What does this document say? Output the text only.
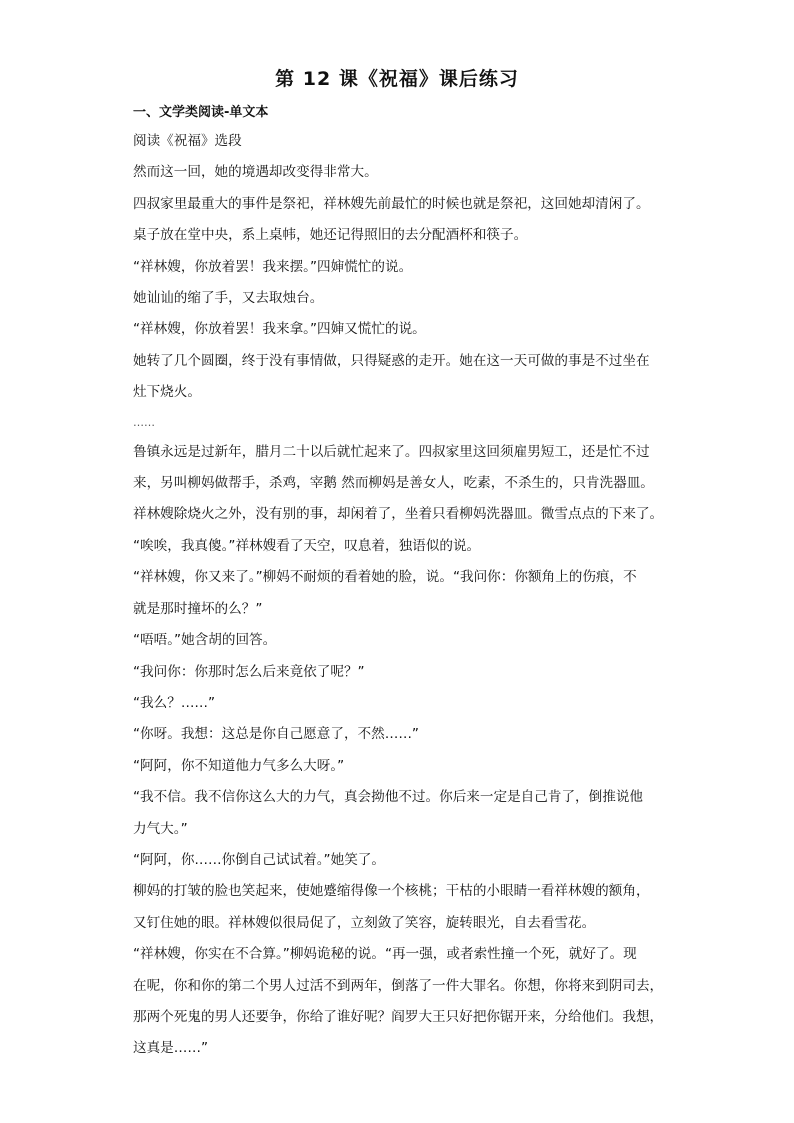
第 12 课《祝福》课后练习
一、文学类阅读-单文本

阅读《祝福》选段

然而这一回，她的境遇却改变得非常大。

四叔家里最重大的事件是祭祀，祥林嫂先前最忙的时候也就是祭祀，这回她却清闲了。

桌子放在堂中央，系上桌帏，她还记得照旧的去分配酒杯和筷子。

“祥林嫂，你放着罢！我来摆。”四婶慌忙的说。

她讪讪的缩了手，又去取烛台。

“祥林嫂，你放着罢！我来拿。”四婶又慌忙的说。

她转了几个圆圈，终于没有事情做，只得疑惑的走开。她在这一天可做的事是不过坐在

灶下烧火。

……

鲁镇永远是过新年，腊月二十以后就忙起来了。四叔家里这回须雇男短工，还是忙不过

来，另叫柳妈做帮手，杀鸡，宰鹅 然而柳妈是善女人，吃素，不杀生的，只肯洗器皿。

祥林嫂除烧火之外，没有别的事，却闲着了，坐着只看柳妈洗器皿。微雪点点的下来了。

“唉唉，我真傻。”祥林嫂看了天空，叹息着，独语似的说。

“祥林嫂，你又来了。”柳妈不耐烦的看着她的脸，说。“我问你：你额角上的伤痕，不

就是那时撞坏的么？”

“唔唔。”她含胡的回答。

“我问你：你那时怎么后来竟依了呢？”

“我么？……”

“你呀。我想：这总是你自己愿意了，不然……”

“阿阿，你不知道他力气多么大呀。”

“我不信。我不信你这么大的力气，真会拗他不过。你后来一定是自己肯了，倒推说他

力气大。”

“阿阿，你……你倒自己试试着。”她笑了。

柳妈的打皱的脸也笑起来，使她蹙缩得像一个核桃；干枯的小眼睛一看祥林嫂的额角，

又钉住她的眼。祥林嫂似很局促了，立刻敛了笑容，旋转眼光，自去看雪花。

“祥林嫂，你实在不合算。”柳妈诡秘的说。“再一强，或者索性撞一个死，就好了。现

在呢，你和你的第二个男人过活不到两年，倒落了一件大罪名。你想，你将来到阴司去，

那两个死鬼的男人还要争，你给了谁好呢？阎罗大王只好把你锯开来，分给他们。我想，

这真是……”
